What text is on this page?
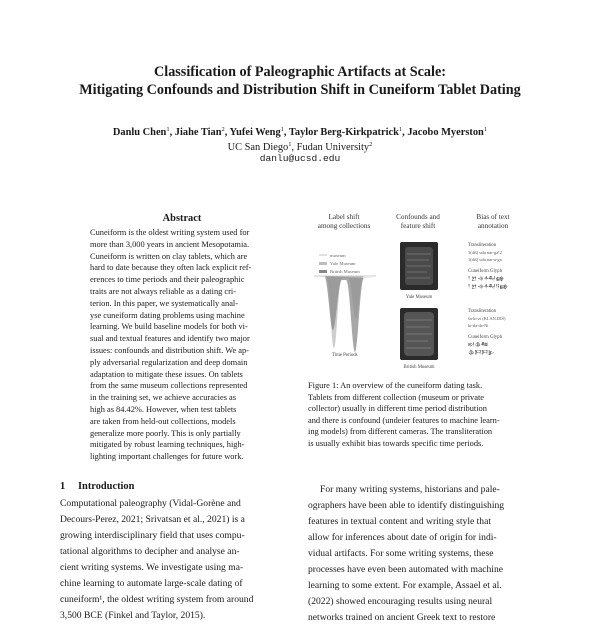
Classification of Paleographic Artifacts at Scale:
Mitigating Confounds and Distribution Shift in Cuneiform Tablet Dating
Danlu Chen$^1$, Jiahe Tian$^2$, Yufei Weng$^1$, Taylor Berg-Kirkpatrick$^1$, Jacobo Myerston$^1$
UC San Diego$^1$, Fudan University$^2$
danlu@ucsd.edu
Abstract
Cuneiform is the oldest writing system used for
more than 3,000 years in ancient Mesopotamia.
Cuneiform is written on clay tablets, which are
hard to date because they often lack explicit ref-
erences to time periods and their paleographic
traits are not always reliable as a dating cri-
terion. In this paper, we systematically anal-
yse cuneiform dating problems using machine
learning. We build baseline models for both vi-
sual and textual features and identify two major
issues: confounds and distribution shift. We ap-
ply adversarial regularization and deep domain
adaptation to mitigate these issues. On tablets
from the same museum collections represented
in the training set, we achieve accuracies as
high as 84.42%. However, when test tablets
are taken from held-out collections, models
generalize more poorly. This is only partially
mitigated by robust learning techniques, high-
lighting important challenges for future work.
1 Introduction
Computational paleography (Vidal-Gorène and
Decours-Perez, 2021; Srivatsan et al., 2021) is a
growing interdisciplinary field that uses compu-
tational algorithms to decipher and analyse an-
cient writing systems. We investigate using ma-
chine learning to automate large-scale dating of
cuneiform¹, the oldest writing system from around
3,500 BCE (Finkel and Taylor, 2015).
Label shift
among collections
Confounds and
feature shift
Bias of text
annotation
museum
Yale Museum
British Museum
Time Periods
Yale Museum
British Museum
Transliteration
1(diš) udu nar-ga!2
1(diš) udu nar-a-ga
Cuneiform Glyph
𒁹 𒇻 𒈾𒅈𒂵
𒁹 𒇻 𒈾𒅈𒀀𒂵
Transliteration
ša-ki-zi (KI.AN.DIŠ)
ki-da-da-Ni
Cuneiform Glyph
𒊭𒆠𒍣
𒆠𒁕𒁕𒉌
Figure 1: An overview of the cuneiform dating task.
Tablets from different collection (museum or private
collector) usually in different time period distribution
and there is confound (undeier features to machine learn-
ing models) from different cameras. The transliteration
is usually exhibit bias towards specific time periods.
For many writing systems, historians and pale-
ographers have been able to identify distinguishing
features in textual content and writing style that
allow for inferences about date of origin for indi-
vidual artifacts. For some writing systems, these
processes have even been automated with machine
learning to some extent. For example, Assael et al.
(2022) showed encouraging results using neural
networks trained on ancient Greek text to restore
